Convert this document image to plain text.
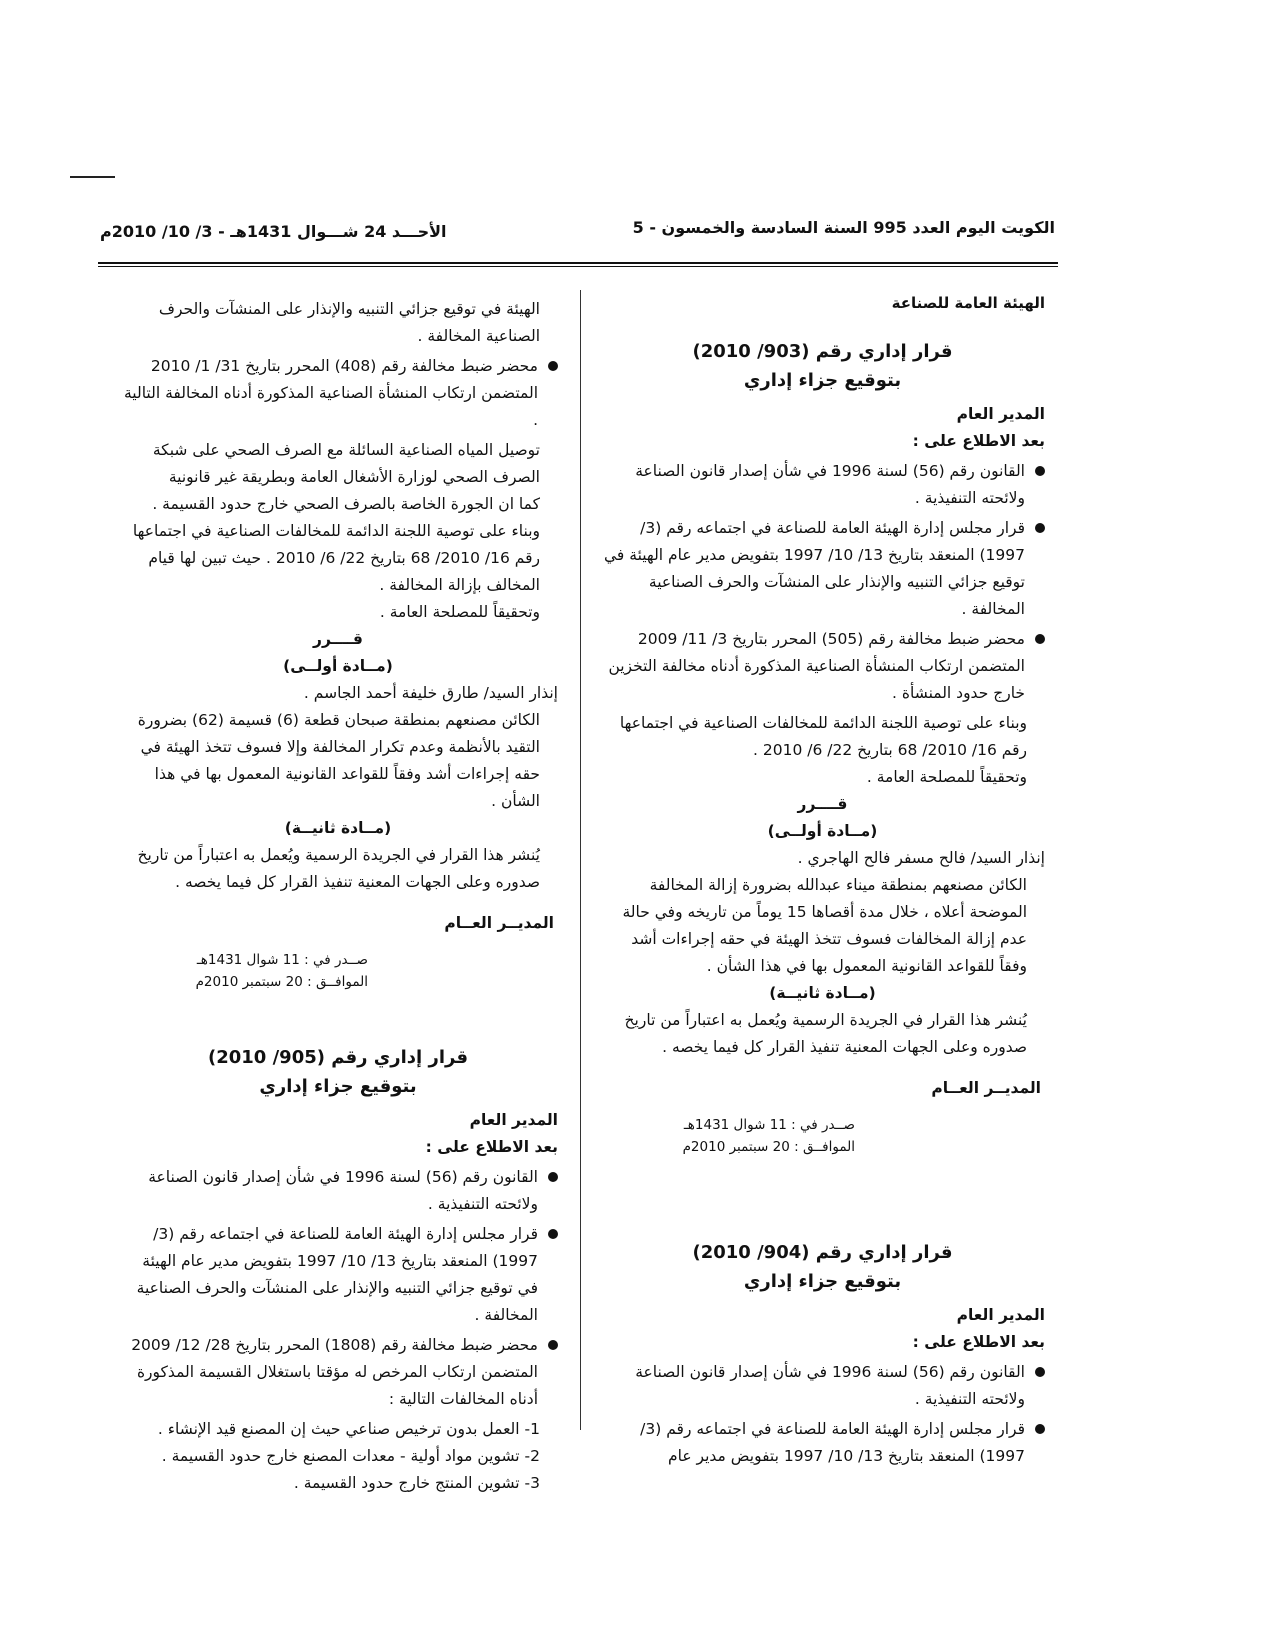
الكويت اليوم العدد 995 السنة السادسة والخمسون - 5
الأحـــد 24 شـــوال 1431هـ - 3/ 10/ 2010م
الهيئة العامة للصناعة
قرار إداري رقم (903/ 2010)
بتوقيع جزاء إداري
المدير العام
بعد الاطلاع على :
القانون رقم (56) لسنة 1996 في شأن إصدار قانون الصناعة ولائحته التنفيذية .
قرار مجلس إدارة الهيئة العامة للصناعة في اجتماعه رقم (3/ 1997) المنعقد بتاريخ 13/ 10/ 1997 بتفويض مدير عام الهيئة في توقيع جزائي التنبيه والإنذار على المنشآت والحرف الصناعية المخالفة .
محضر ضبط مخالفة رقم (505) المحرر بتاريخ 3/ 11/ 2009 المتضمن ارتكاب المنشأة الصناعية المذكورة أدناه مخالفة التخزين خارج حدود المنشأة .
وبناء على توصية اللجنة الدائمة للمخالفات الصناعية في اجتماعها رقم 16/ 2010/ 68 بتاريخ 22/ 6/ 2010 .
وتحقيقاً للمصلحة العامة .
قــــرر
(مــادة أولــى)
إنذار السيد/ فالح مسفر فالح الهاجري .
الكائن مصنعهم بمنطقة ميناء عبدالله بضرورة إزالة المخالفة الموضحة أعلاه ، خلال مدة أقصاها 15 يوماً من تاريخه وفي حالة عدم إزالة المخالفات فسوف تتخذ الهيئة في حقه إجراءات أشد وفقاً للقواعد القانونية المعمول بها في هذا الشأن .
(مــادة ثانيــة)
يُنشر هذا القرار في الجريدة الرسمية ويُعمل به اعتباراً من تاريخ صدوره وعلى الجهات المعنية تنفيذ القرار كل فيما يخصه .
المديــر العــام
صــدر في : 11 شوال 1431هـ
الموافــق : 20 سبتمبر 2010م
قرار إداري رقم (904/ 2010)
بتوقيع جزاء إداري
المدير العام
بعد الاطلاع على :
القانون رقم (56) لسنة 1996 في شأن إصدار قانون الصناعة ولائحته التنفيذية .
قرار مجلس إدارة الهيئة العامة للصناعة في اجتماعه رقم (3/ 1997) المنعقد بتاريخ 13/ 10/ 1997 بتفويض مدير عام
الهيئة في توقيع جزائي التنبيه والإنذار على المنشآت والحرف الصناعية المخالفة .
محضر ضبط مخالفة رقم (408) المحرر بتاريخ 31/ 1/ 2010 المتضمن ارتكاب المنشأة الصناعية المذكورة أدناه المخالفة التالية .
توصيل المياه الصناعية السائلة مع الصرف الصحي على شبكة الصرف الصحي لوزارة الأشغال العامة وبطريقة غير قانونية
كما ان الجورة الخاصة بالصرف الصحي خارج حدود القسيمة .
وبناء على توصية اللجنة الدائمة للمخالفات الصناعية في اجتماعها رقم 16/ 2010/ 68 بتاريخ 22/ 6/ 2010 . حيث تبين لها قيام المخالف بإزالة المخالفة .
وتحقيقاً للمصلحة العامة .
قــــرر
(مــادة أولــى)
إنذار السيد/ طارق خليفة أحمد الجاسم .
الكائن مصنعهم بمنطقة صبحان قطعة (6) قسيمة (62) بضرورة التقيد بالأنظمة وعدم تكرار المخالفة وإلا فسوف تتخذ الهيئة في حقه إجراءات أشد وفقاً للقواعد القانونية المعمول بها في هذا الشأن .
(مــادة ثانيــة)
يُنشر هذا القرار في الجريدة الرسمية ويُعمل به اعتباراً من تاريخ صدوره وعلى الجهات المعنية تنفيذ القرار كل فيما يخصه .
المديــر العــام
صــدر في : 11 شوال 1431هـ
الموافــق : 20 سبتمبر 2010م
قرار إداري رقم (905/ 2010)
بتوقيع جزاء إداري
المدير العام
بعد الاطلاع على :
القانون رقم (56) لسنة 1996 في شأن إصدار قانون الصناعة ولائحته التنفيذية .
قرار مجلس إدارة الهيئة العامة للصناعة في اجتماعه رقم (3/ 1997) المنعقد بتاريخ 13/ 10/ 1997 بتفويض مدير عام الهيئة في توقيع جزائي التنبيه والإنذار على المنشآت والحرف الصناعية المخالفة .
محضر ضبط مخالفة رقم (1808) المحرر بتاريخ 28/ 12/ 2009 المتضمن ارتكاب المرخص له مؤقتا باستغلال القسيمة المذكورة أدناه المخالفات التالية :
1- العمل بدون ترخيص صناعي حيث إن المصنع قيد الإنشاء .
2- تشوين مواد أولية - معدات المصنع خارج حدود القسيمة .
3- تشوين المنتج خارج حدود القسيمة .
